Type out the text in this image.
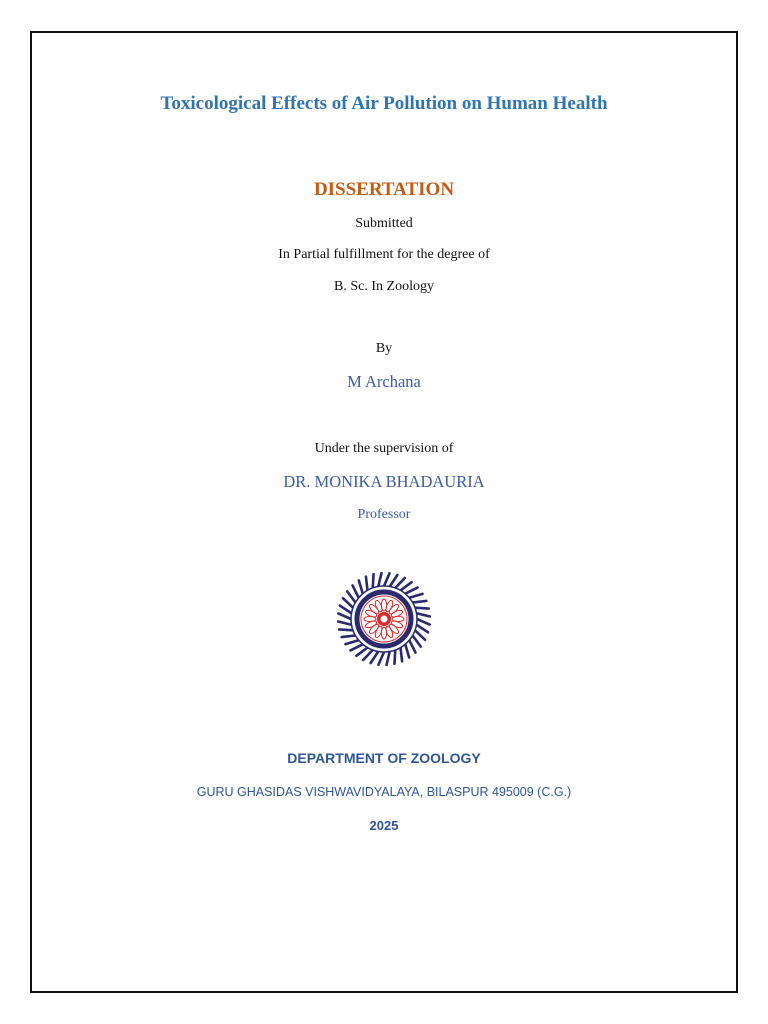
Toxicological Effects of Air Pollution on Human Health
DISSERTATION
Submitted
In Partial fulfillment for the degree of
B. Sc. In Zoology
By
M Archana
Under the supervision of
DR. MONIKA BHADAURIA
Professor
DEPARTMENT OF ZOOLOGY
GURU GHASIDAS VISHWAVIDYALAYA, BILASPUR 495009 (C.G.)
2025
